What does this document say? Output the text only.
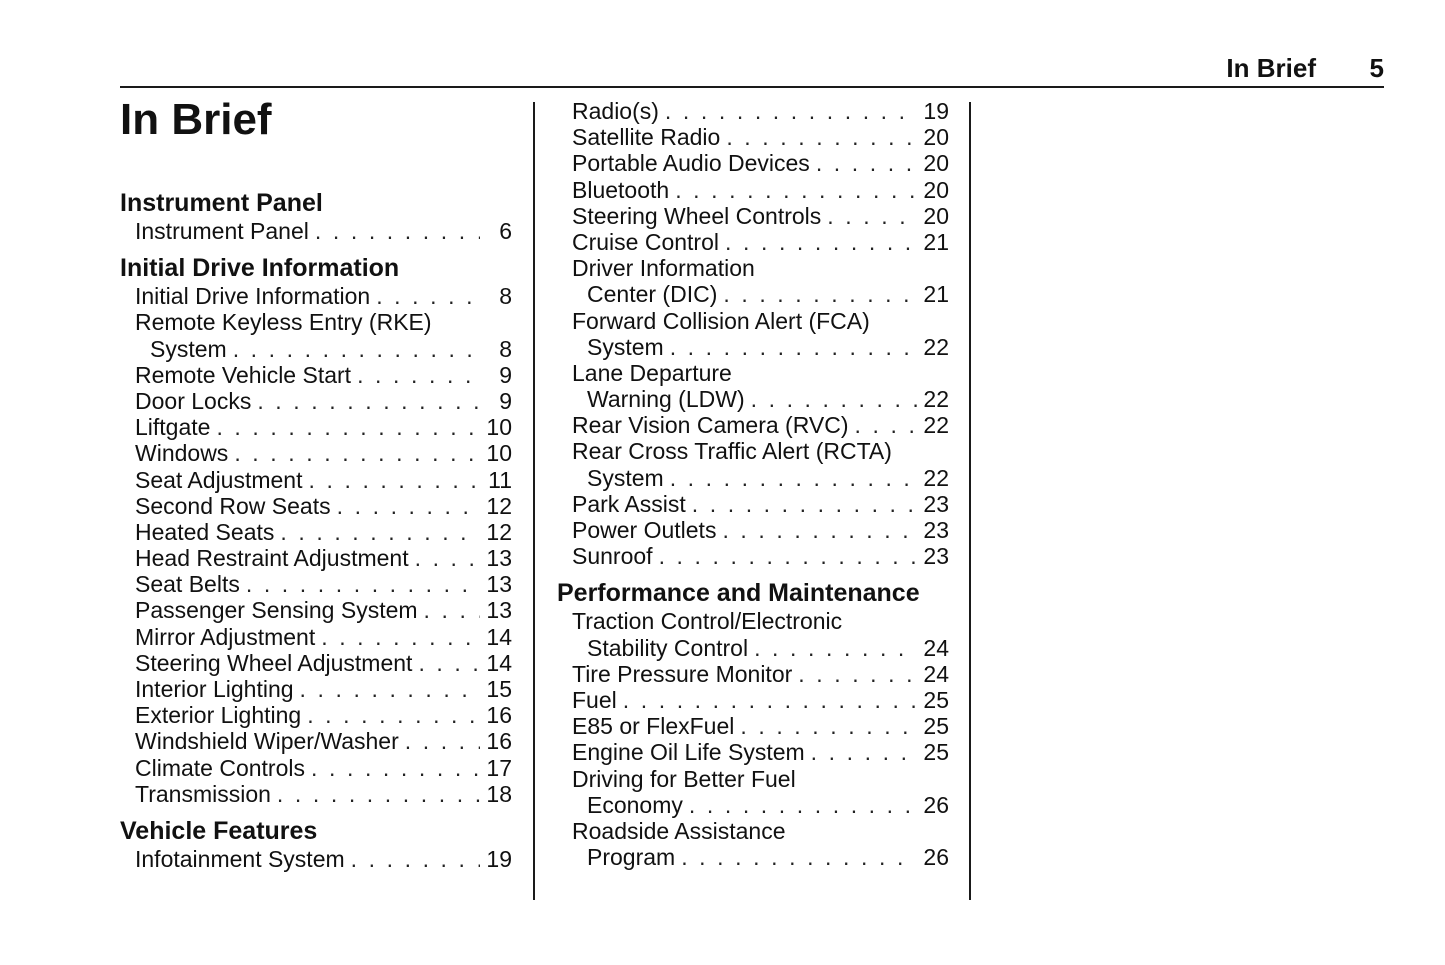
In Brief 5
In Brief
Instrument Panel
Instrument Panel . . .	6
Initial Drive Information
Initial Drive Information . . .	8
Remote Keyless Entry (RKE)
System . . .	8
Remote Vehicle Start . . .	9
Door Locks . . .	9
Liftgate . . .	10
Windows . . .	10
Seat Adjustment . . .	11
Second Row Seats . . .	12
Heated Seats . . .	12
Head Restraint Adjustment . . .	13
Seat Belts . . .	13
Passenger Sensing System . . .	13
Mirror Adjustment . . .	14
Steering Wheel Adjustment . . .	14
Interior Lighting . . .	15
Exterior Lighting . . .	16
Windshield Wiper/Washer . . .	16
Climate Controls . . .	17
Transmission . . .	18
Vehicle Features
Infotainment System . . .	19
Radio(s) . . .	19
Satellite Radio . . .	20
Portable Audio Devices . . .	20
Bluetooth . . .	20
Steering Wheel Controls . . .	20
Cruise Control . . .	21
Driver Information
Center (DIC) . . .	21
Forward Collision Alert (FCA)
System . . .	22
Lane Departure
Warning (LDW) . . .	22
Rear Vision Camera (RVC) . . .	22
Rear Cross Traffic Alert (RCTA)
System . . .	22
Park Assist . . .	23
Power Outlets . . .	23
Sunroof . . .	23
Performance and Maintenance
Traction Control/Electronic
Stability Control . . .	24
Tire Pressure Monitor . . .	24
Fuel . . .	25
E85 or FlexFuel . . .	25
Engine Oil Life System . . .	25
Driving for Better Fuel
Economy . . .	26
Roadside Assistance
Program . . .	26
